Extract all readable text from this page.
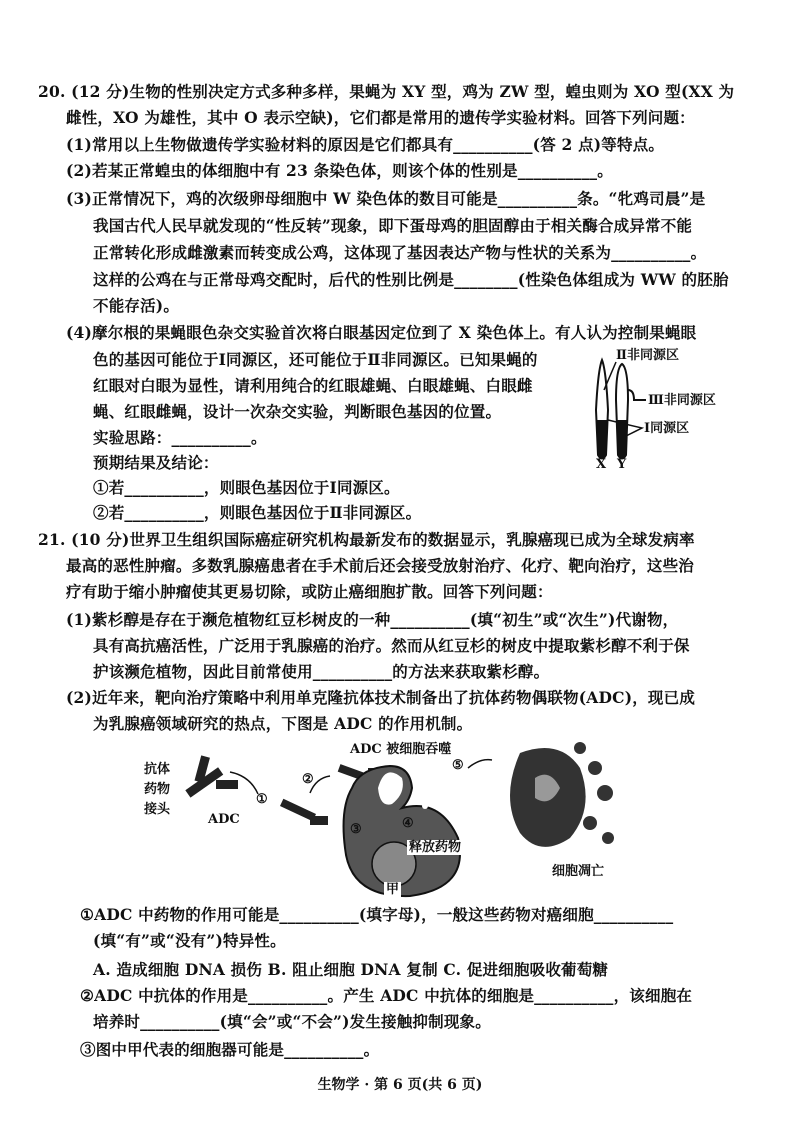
20. (12 分)生物的性别决定方式多种多样，果蝇为 XY 型，鸡为 ZW 型，蝗虫则为 XO 型(XX 为
雌性，XO 为雄性，其中 O 表示空缺)，它们都是常用的遗传学实验材料。回答下列问题：
(1)常用以上生物做遗传学实验材料的原因是它们都具有__________(答 2 点)等特点。
(2)若某正常蝗虫的体细胞中有 23 条染色体，则该个体的性别是__________。
(3)正常情况下，鸡的次级卵母细胞中 W 染色体的数目可能是__________条。“牝鸡司晨”是
我国古代人民早就发现的“性反转”现象，即下蛋母鸡的胆固醇由于相关酶合成异常不能
正常转化形成雌激素而转变成公鸡，这体现了基因表达产物与性状的关系为__________。
这样的公鸡在与正常母鸡交配时，后代的性别比例是________(性染色体组成为 WW 的胚胎
不能存活)。
(4)摩尔根的果蝇眼色杂交实验首次将白眼基因定位到了 X 染色体上。有人认为控制果蝇眼
色的基因可能位于Ⅰ同源区，还可能位于Ⅱ非同源区。已知果蝇的
红眼对白眼为显性，请利用纯合的红眼雄蝇、白眼雄蝇、白眼雌
蝇、红眼雌蝇，设计一次杂交实验，判断眼色基因的位置。
实验思路：__________。
预期结果及结论：
①若__________，则眼色基因位于Ⅰ同源区。
②若__________，则眼色基因位于Ⅱ非同源区。
Ⅱ非同源区
Ⅲ非同源区
Ⅰ同源区
X Y
21. (10 分)世界卫生组织国际癌症研究机构最新发布的数据显示，乳腺癌现已成为全球发病率
最高的恶性肿瘤。多数乳腺癌患者在手术前后还会接受放射治疗、化疗、靶向治疗，这些治
疗有助于缩小肿瘤使其更易切除，或防止癌细胞扩散。回答下列问题：
(1)紫杉醇是存在于濒危植物红豆杉树皮的一种__________(填“初生”或“次生”)代谢物，
具有高抗癌活性，广泛用于乳腺癌的治疗。然而从红豆杉的树皮中提取紫杉醇不利于保
护该濒危植物，因此目前常使用__________的方法来获取紫杉醇。
(2)近年来，靶向治疗策略中利用单克隆抗体技术制备出了抗体药物偶联物(ADC)，现已成
为乳腺癌领域研究的热点，下图是 ADC 的作用机制。
抗体
药物
接头
ADC
①
②
③	④
⑤
ADC 被细胞吞噬
释放药物
甲
细胞凋亡
①ADC 中药物的作用可能是__________(填字母)，一般这些药物对癌细胞__________
(填“有”或“没有”)特异性。
A. 造成细胞 DNA 损伤 B. 阻止细胞 DNA 复制 C. 促进细胞吸收葡萄糖
②ADC 中抗体的作用是__________。产生 ADC 中抗体的细胞是__________，该细胞在
培养时__________(填“会”或“不会”)发生接触抑制现象。
③图中甲代表的细胞器可能是__________。
生物学 · 第 6 页(共 6 页)
